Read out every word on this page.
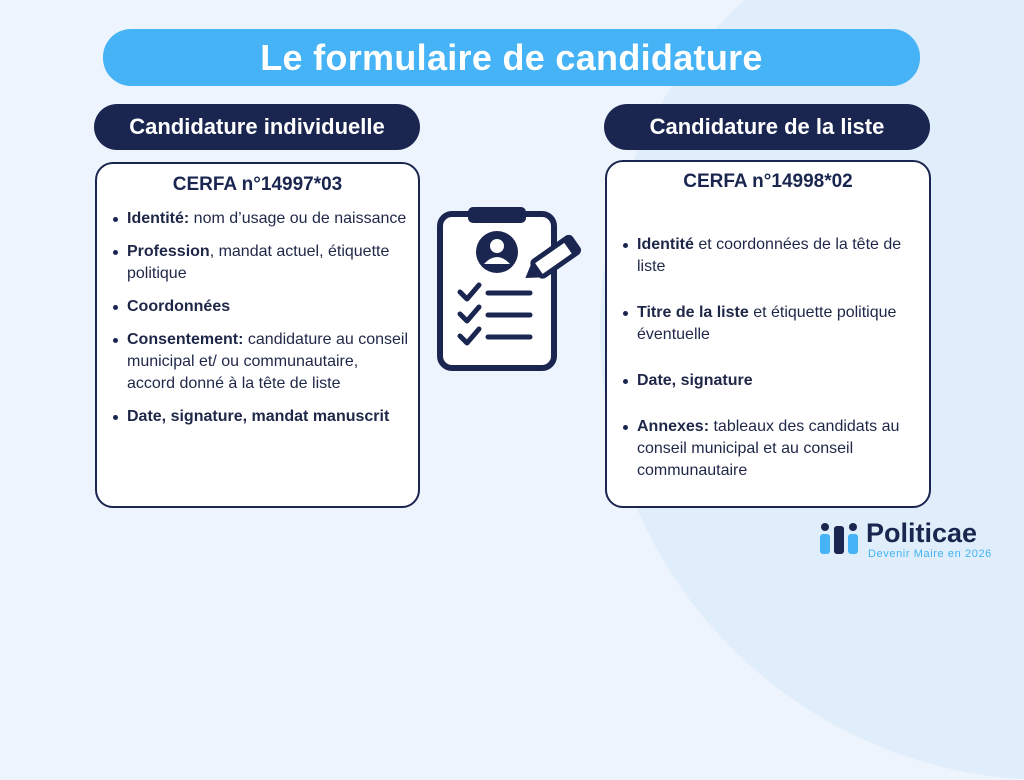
Le formulaire de candidature
Candidature individuelle	Candidature de la liste
CERFA n°14997*03
Identité: nom d’usage ou de naissance
Profession, mandat actuel, étiquette politique
Coordonnées
Consentement: candidature au conseil municipal et/ ou communautaire, accord donné à la tête de liste
Date, signature, mandat manuscrit
CERFA n°14998*02
Identité et coordonnées de la tête de liste
Titre de la liste et étiquette politique éventuelle
Date, signature
Annexes: tableaux des candidats au conseil municipal et au conseil communautaire
Politicae
Devenir Maire en 2026
